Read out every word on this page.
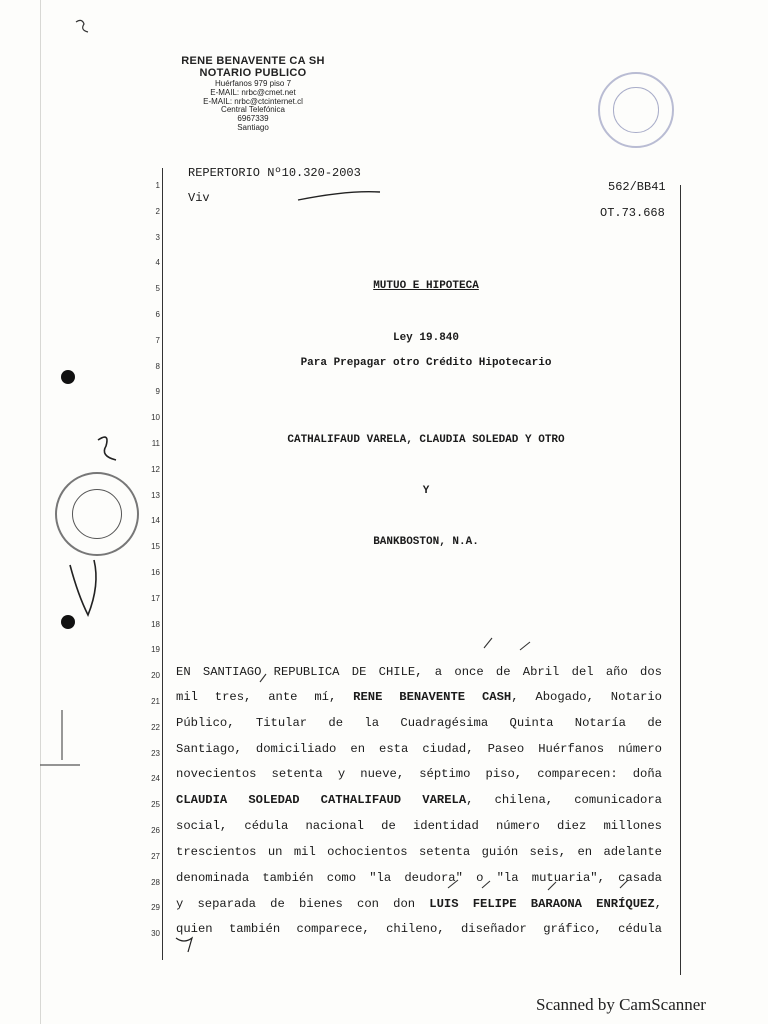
RENE BENAVENTE CA SH
NOTARIO PUBLICO
Huérfanos 979 piso 7
E-MAIL: nrbc@cmet.net
E-MAIL: nrbc@ctcinternet.cl
Central Telefónica
6967339
Santiago
1
2
3
4
5
6
7
8
9
10
11
12
13
14
15
16
17
18
19
20
21
22
23
24
25
26
27
28
29
30
REPERTORIO Nº10.320-2003
Viv
562/BB41
OT.73.668
MUTUO E HIPOTECA
Ley 19.840
Para Prepagar otro Crédito Hipotecario
CATHALIFAUD VARELA, CLAUDIA SOLEDAD Y OTRO
Y
BANKBOSTON, N.A.
EN SANTIAGO REPUBLICA DE CHILE, a once de Abril del año dos
mil tres, ante mí, RENE BENAVENTE CASH, Abogado, Notario
Público, Titular de la Cuadragésima Quinta Notaría de
Santiago, domiciliado en esta ciudad, Paseo Huérfanos número
novecientos setenta y nueve, séptimo piso, comparecen: doña
CLAUDIA SOLEDAD CATHALIFAUD VARELA, chilena, comunicadora
social, cédula nacional de identidad número diez millones
trescientos un mil ochocientos setenta guión seis, en adelante
denominada también como "la deudora" o "la mutuaria", casada
y separada de bienes con don LUIS FELIPE BARAONA ENRÍQUEZ,
quien también comparece, chileno, diseñador gráfico, cédula
Scanned by CamScanner
